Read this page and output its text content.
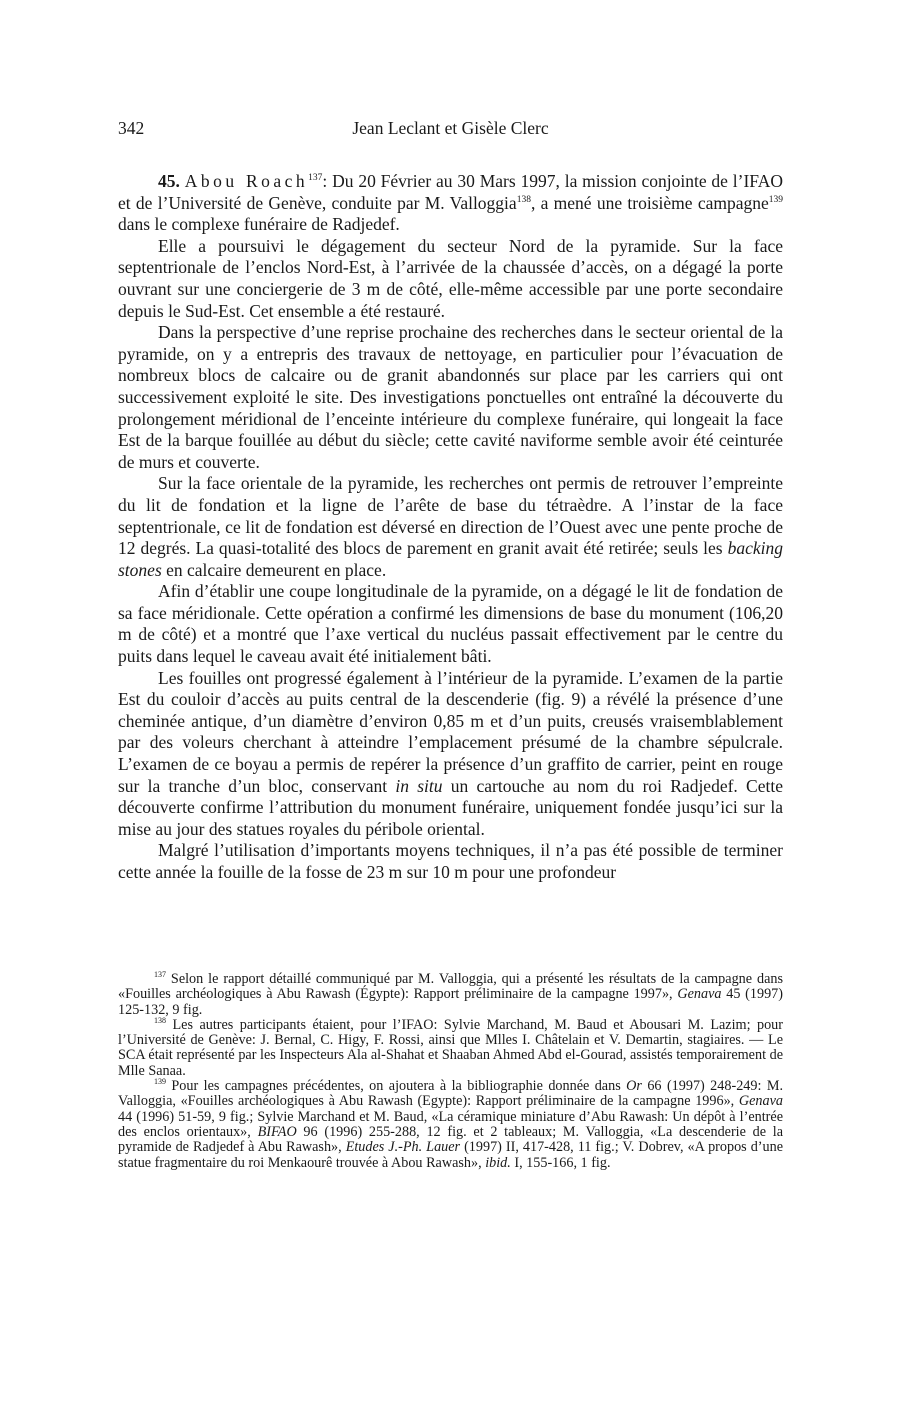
342	Jean Leclant et Gisèle Clerc

45. Abou Roach$^{137}$: Du 20 Février au 30 Mars 1997, la mission conjointe de l’IFAO et de l’Université de Genève, conduite par M. Valloggia$^{138}$, a mené une troisième campagne$^{139}$ dans le complexe funéraire de Radjedef.

Elle a poursuivi le dégagement du secteur Nord de la pyramide. Sur la face septentrionale de l’enclos Nord-Est, à l’arrivée de la chaussée d’accès, on a dégagé la porte ouvrant sur une conciergerie de 3 m de côté, elle-même accessible par une porte secondaire depuis le Sud-Est. Cet ensemble a été restauré.

Dans la perspective d’une reprise prochaine des recherches dans le secteur oriental de la pyramide, on y a entrepris des travaux de nettoyage, en particulier pour l’évacuation de nombreux blocs de calcaire ou de granit abandonnés sur place par les carriers qui ont successivement exploité le site. Des investigations ponctuelles ont entraîné la découverte du prolongement méridional de l’enceinte intérieure du complexe funéraire, qui longeait la face Est de la barque fouillée au début du siècle; cette cavité naviforme semble avoir été ceinturée de murs et couverte.

Sur la face orientale de la pyramide, les recherches ont permis de retrouver l’empreinte du lit de fondation et la ligne de l’arête de base du tétraèdre. A l’instar de la face septentrionale, ce lit de fondation est déversé en direction de l’Ouest avec une pente proche de 12 degrés. La quasi-totalité des blocs de parement en granit avait été retirée; seuls les backing stones en calcaire demeurent en place.

Afin d’établir une coupe longitudinale de la pyramide, on a dégagé le lit de fondation de sa face méridionale. Cette opération a confirmé les dimensions de base du monument (106,20 m de côté) et a montré que l’axe vertical du nucléus passait effectivement par le centre du puits dans lequel le caveau avait été initialement bâti.

Les fouilles ont progressé également à l’intérieur de la pyramide. L’examen de la partie Est du couloir d’accès au puits central de la descenderie (fig. 9) a révélé la présence d’une cheminée antique, d’un diamètre d’environ 0,85 m et d’un puits, creusés vraisemblablement par des voleurs cherchant à atteindre l’emplacement présumé de la chambre sépulcrale. L’examen de ce boyau a permis de repérer la présence d’un graffito de carrier, peint en rouge sur la tranche d’un bloc, conservant in situ un cartouche au nom du roi Radjedef. Cette découverte confirme l’attribution du monument funéraire, uniquement fondée jusqu’ici sur la mise au jour des statues royales du péribole oriental.

Malgré l’utilisation d’importants moyens techniques, il n’a pas été possible de terminer cette année la fouille de la fosse de 23 m sur 10 m pour une profondeur

$^{137}$ Selon le rapport détaillé communiqué par M. Valloggia, qui a présenté les résultats de la campagne dans «Fouilles archéologiques à Abu Rawash (Égypte): Rapport préliminaire de la campagne 1997», Genava 45 (1997) 125-132, 9 fig.

$^{138}$ Les autres participants étaient, pour l’IFAO: Sylvie Marchand, M. Baud et Abousari M. Lazim; pour l’Université de Genève: J. Bernal, C. Higy, F. Rossi, ainsi que Mlles I. Châtelain et V. Demartin, stagiaires. — Le SCA était représenté par les Inspecteurs Ala al-Shahat et Shaaban Ahmed Abd el-Gourad, assistés temporairement de Mlle Sanaa.

$^{139}$ Pour les campagnes précédentes, on ajoutera à la bibliographie donnée dans Or 66 (1997) 248-249: M. Valloggia, «Fouilles archéologiques à Abu Rawash (Egypte): Rapport préliminaire de la campagne 1996», Genava 44 (1996) 51-59, 9 fig.; Sylvie Marchand et M. Baud, «La céramique miniature d’Abu Rawash: Un dépôt à l’entrée des enclos orientaux», BIFAO 96 (1996) 255-288, 12 fig. et 2 tableaux; M. Valloggia, «La descenderie de la pyramide de Radjedef à Abu Rawash», Etudes J.-Ph. Lauer (1997) II, 417-428, 11 fig.; V. Dobrev, «A propos d’une statue fragmentaire du roi Menkaourê trouvée à Abou Rawash», ibid. I, 155-166, 1 fig.
